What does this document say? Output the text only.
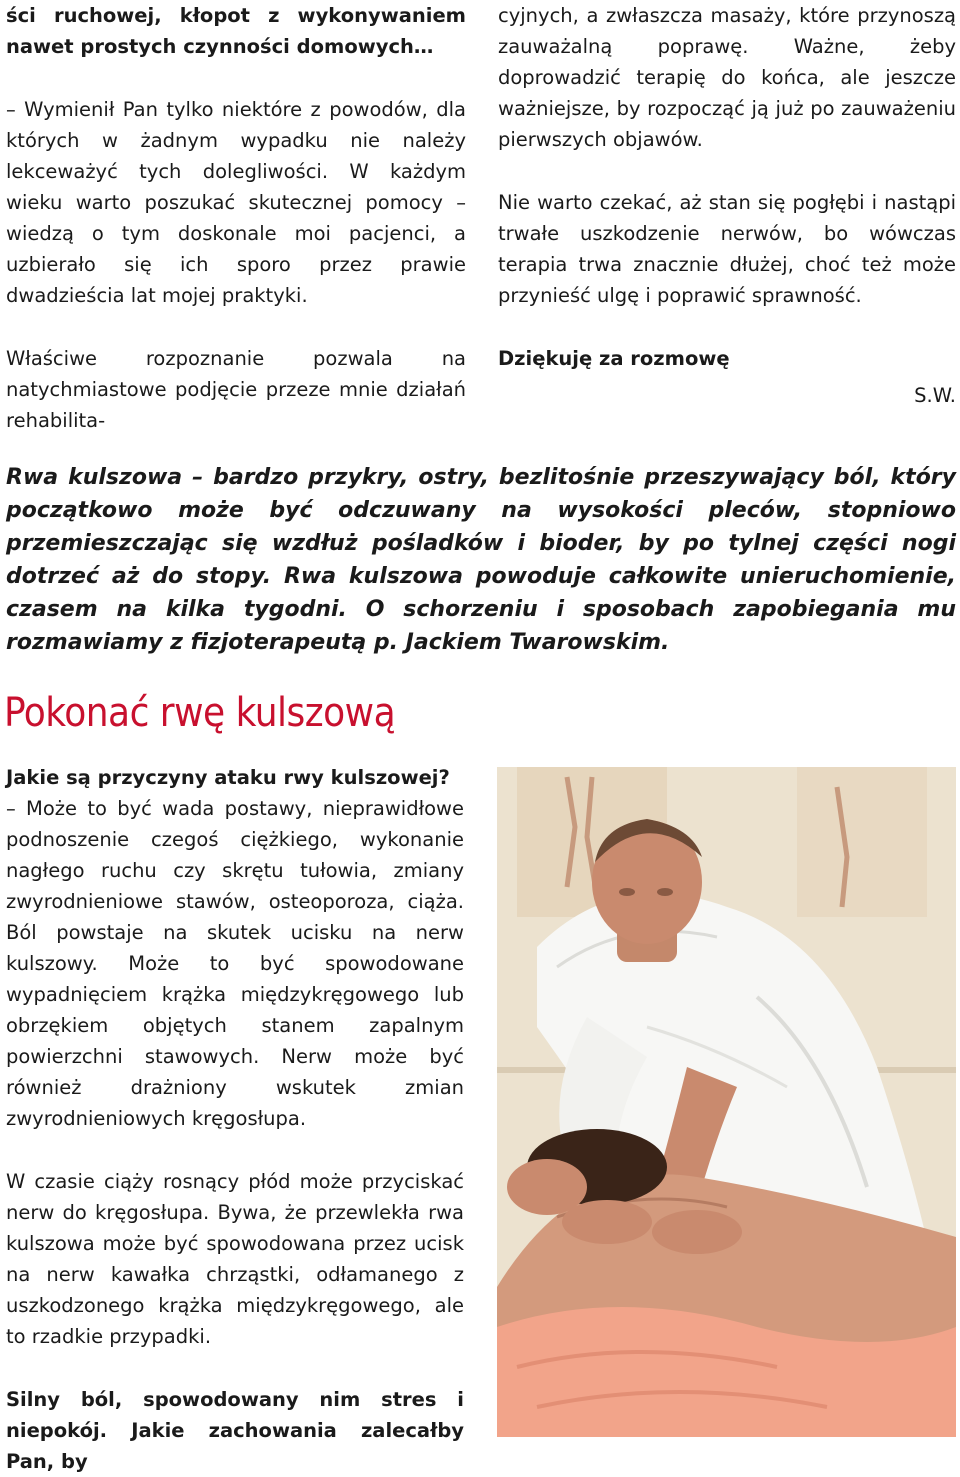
ści ruchowej, kłopot z wykonywaniem nawet prostych czynności domowych…

– Wymienił Pan tylko niektóre z powodów, dla których w żadnym wypadku nie należy lekceważyć tych dolegliwości. W każdym wieku warto poszukać skutecznej pomocy – wiedzą o tym doskonale moi pacjenci, a uzbierało się ich sporo przez prawie dwadzieścia lat mojej praktyki.

Właściwe rozpoznanie pozwala na natychmiastowe podjęcie przeze mnie działań rehabilita-

cyjnych, a zwłaszcza masaży, które przynoszą zauważalną poprawę. Ważne, żeby doprowadzić terapię do końca, ale jeszcze ważniejsze, by rozpocząć ją już po zauważeniu pierwszych objawów.

Nie warto czekać, aż stan się pogłębi i nastąpi trwałe uszkodzenie nerwów, bo wówczas terapia trwa znacznie dłużej, choć też może przynieść ulgę i poprawić sprawność.

Dziękuję za rozmowę

S.W.

Rwa kulszowa – bardzo przykry, ostry, bezlitośnie przeszywający ból, który początkowo może być odczuwany na wysokości pleców, stopniowo przemieszczając się wzdłuż pośladków i bioder, by po tylnej części nogi dotrzeć aż do stopy. Rwa kulszowa powoduje całkowite unieruchomienie, czasem na kilka tygodni. O schorzeniu i sposobach zapobiegania mu rozmawiamy z fizjoterapeutą p. Jackiem Twarowskim.

Pokonać rwę kulszową

Jakie są przyczyny ataku rwy kulszowej?

– Może to być wada postawy, nieprawidłowe podnoszenie czegoś ciężkiego, wykonanie nagłego ruchu czy skrętu tułowia, zmiany zwyrodnieniowe stawów, osteoporoza, ciąża. Ból powstaje na skutek ucisku na nerw kulszowy. Może to być spowodowane wypadnięciem krążka międzykręgowego lub obrzękiem objętych stanem zapalnym powierzchni stawowych. Nerw może być również drażniony wskutek zmian zwyrodnieniowych kręgosłupa.

W czasie ciąży rosnący płód może przyciskać nerw do kręgosłupa. Bywa, że przewlekła rwa kulszowa może być spowodowana przez ucisk na nerw kawałka chrząstki, odłamanego z uszkodzonego krążka międzykręgowego, ale to rzadkie przypadki.

Silny ból, spowodowany nim stres i niepokój. Jakie zachowania zalecałby Pan, by
